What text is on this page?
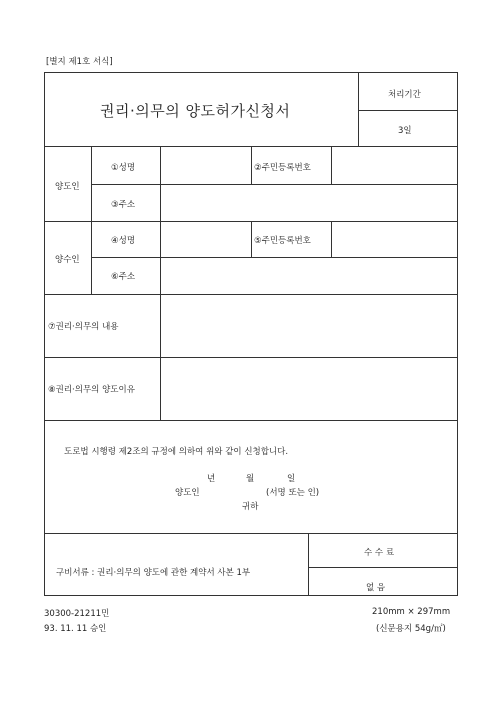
[별지 제1호 서식]
권리·의무의 양도허가신청서
처리기간
3일
양도인
①성명	②주민등록번호
③주소
양수인
④성명	⑤주민등록번호
⑥주소
⑦권리·의무의 내용
⑧권리·의무의 양도이유
도로법 시행령 제2조의 규정에 의하여 위와 같이 신청합니다.
년	월	일
양도인	(서명 또는 인)
귀하
구비서류 : 권리·의무의 양도에 관한 계약서 사본 1부
수 수 료
없 음
30300-21211민
93. 11. 11 승인
210mm × 297mm
(신문용지 54g/㎡)
